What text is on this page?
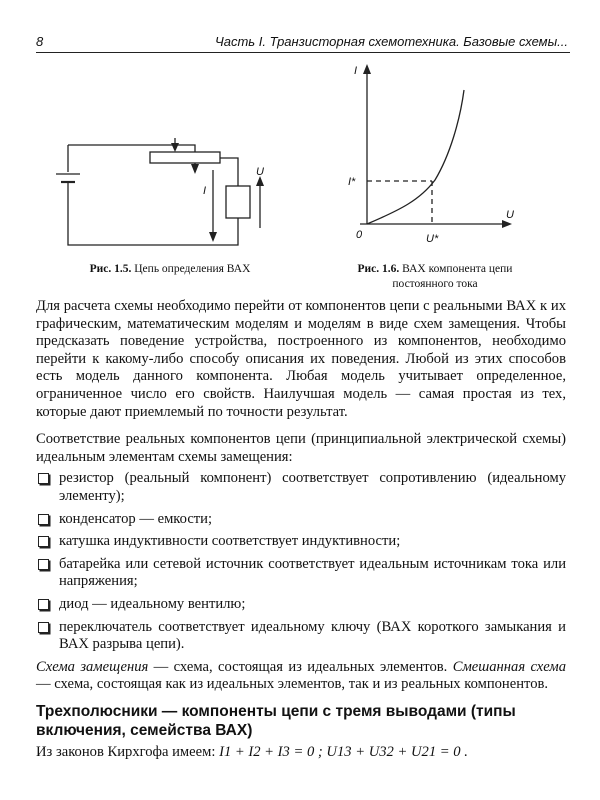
8	Часть I. Транзисторная схемотехника. Базовые схемы...
U
I
Рис. 1.5. Цепь определения ВАХ
I
U
0
I*
U*
Рис. 1.6. ВАХ компонента цепи постоянного тока

Для расчета схемы необходимо перейти от компонентов цепи с реальными ВАХ к их графическим, математическим моделям и моделям в виде схем замещения. Чтобы предсказать поведение устройства, построенного из компонентов, необходимо перейти к какому-либо способу описания их поведения. Любой из этих способов есть модель данного компонента. Любая модель учитывает определенное, ограниченное число его свойств. Наилучшая модель — самая простая из тех, которые дают приемлемый по точности результат.

Соответствие реальных компонентов цепи (принципиальной электрической схемы) идеальным элементам схемы замещения:

резистор (реальный компонент) соответствует сопротивлению (идеальному элементу);
конденсатор — емкости;
катушка индуктивности соответствует индуктивности;
батарейка или сетевой источник соответствует идеальным источникам тока или напряжения;
диод — идеальному вентилю;
переключатель соответствует идеальному ключу (ВАХ короткого замыкания и ВАХ разрыва цепи).

Схема замещения — схема, состоящая из идеальных элементов. Смешанная схема — схема, состоящая как из идеальных элементов, так и из реальных компонентов.

Трехполюсники — компоненты цепи с тремя выводами (типы включения, семейства ВАХ)
Из законов Кирхгофа имеем: I1 + I2 + I3 = 0 ; U13 + U32 + U21 = 0 .
